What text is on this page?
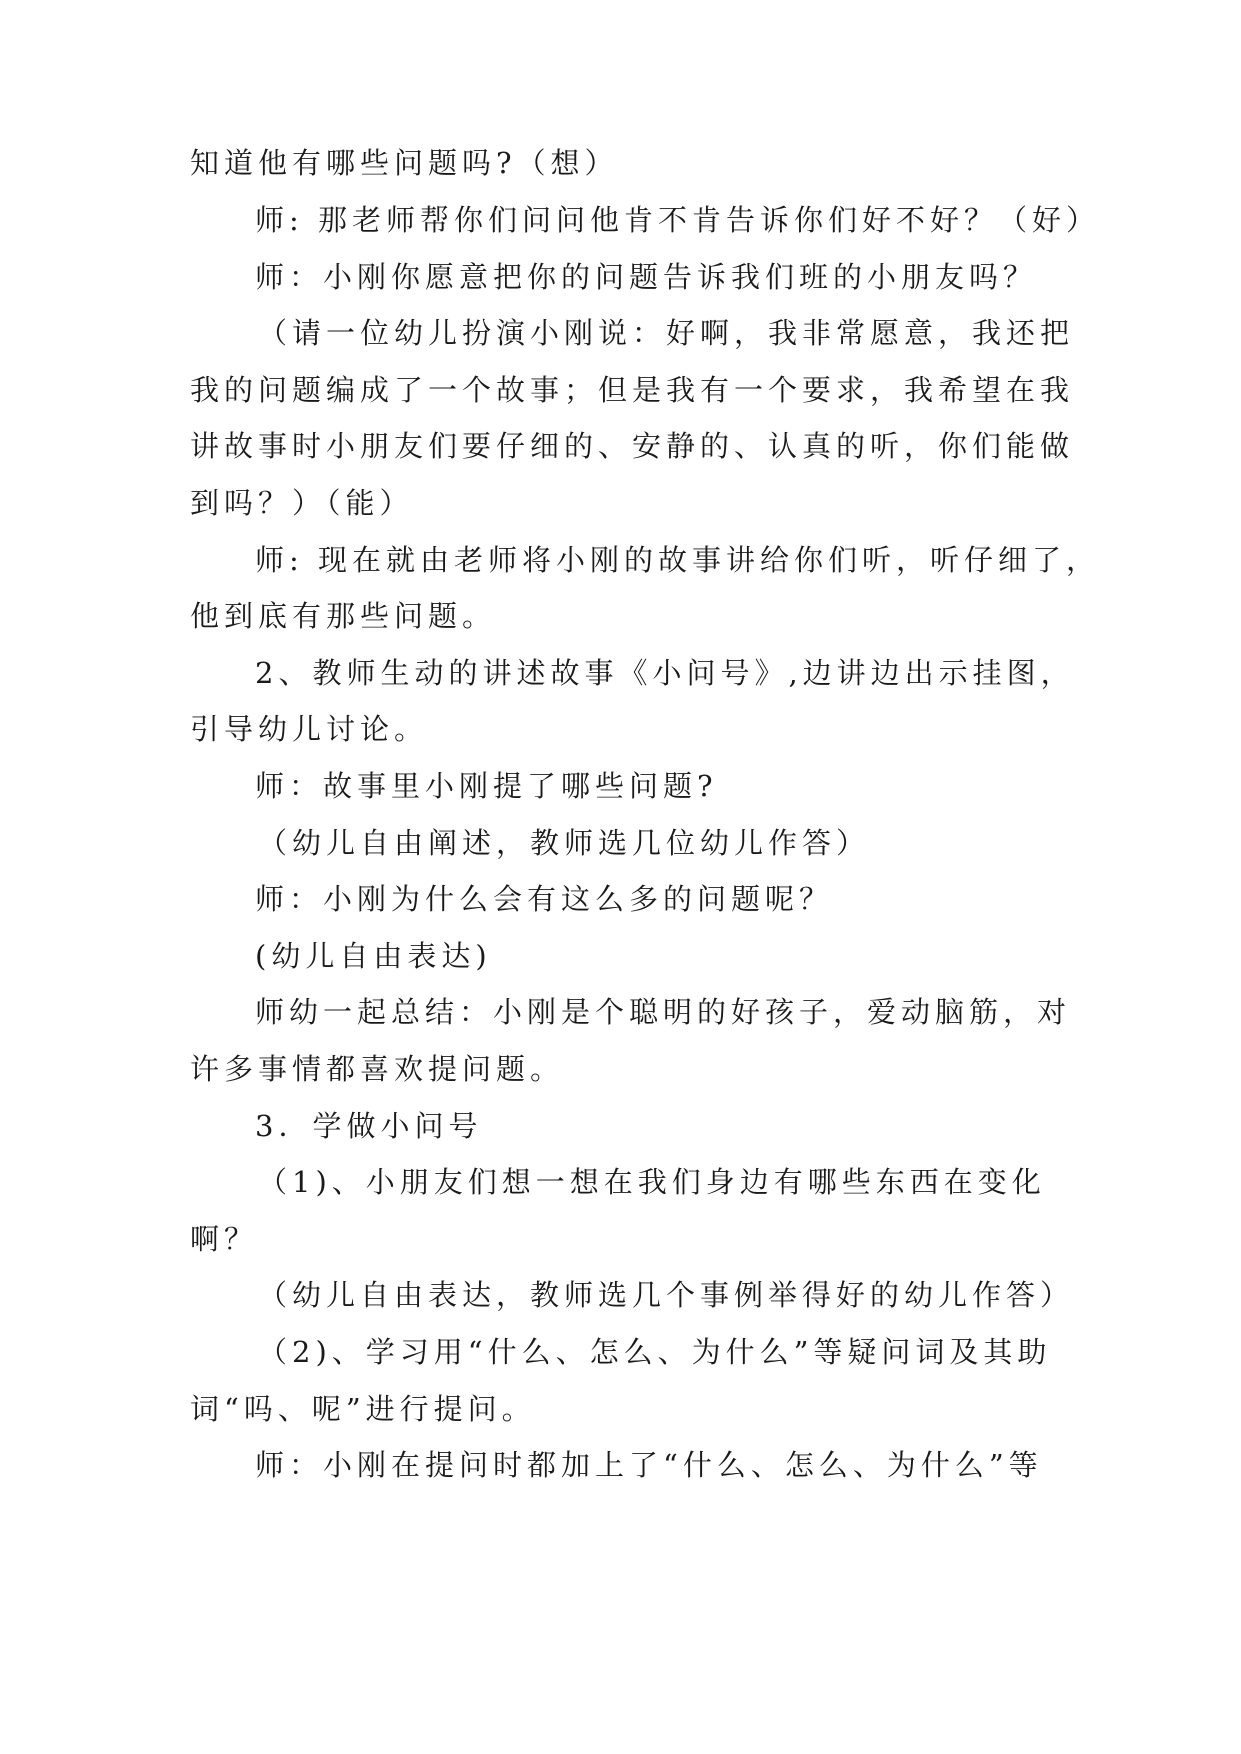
知道他有哪些问题吗?（想）
师: 那老师帮你们问问他肯不肯告诉你们好不好？（好）
师：小刚你愿意把你的问题告诉我们班的小朋友吗？
（请一位幼儿扮演小刚说：好啊，我非常愿意，我还把
我的问题编成了一个故事；但是我有一个要求，我希望在我
讲故事时小朋友们要仔细的、安静的、认真的听，你们能做
到吗？）（能）
师: 现在就由老师将小刚的故事讲给你们听，听仔细了，
他到底有那些问题。
2、教师生动的讲述故事《小问号》,边讲边出示挂图，
引导幼儿讨论。
师：故事里小刚提了哪些问题?
（幼儿自由阐述，教师选几位幼儿作答）
师：小刚为什么会有这么多的问题呢？
(幼儿自由表达)
师幼一起总结：小刚是个聪明的好孩子，爱动脑筋，对
许多事情都喜欢提问题。
3．学做小问号
（1)、小朋友们想一想在我们身边有哪些东西在变化
啊？
（幼儿自由表达，教师选几个事例举得好的幼儿作答）
（2)、学习用“什么、怎么、为什么”等疑问词及其助
词“吗、呢”进行提问。
师：小刚在提问时都加上了“什么、怎么、为什么”等
